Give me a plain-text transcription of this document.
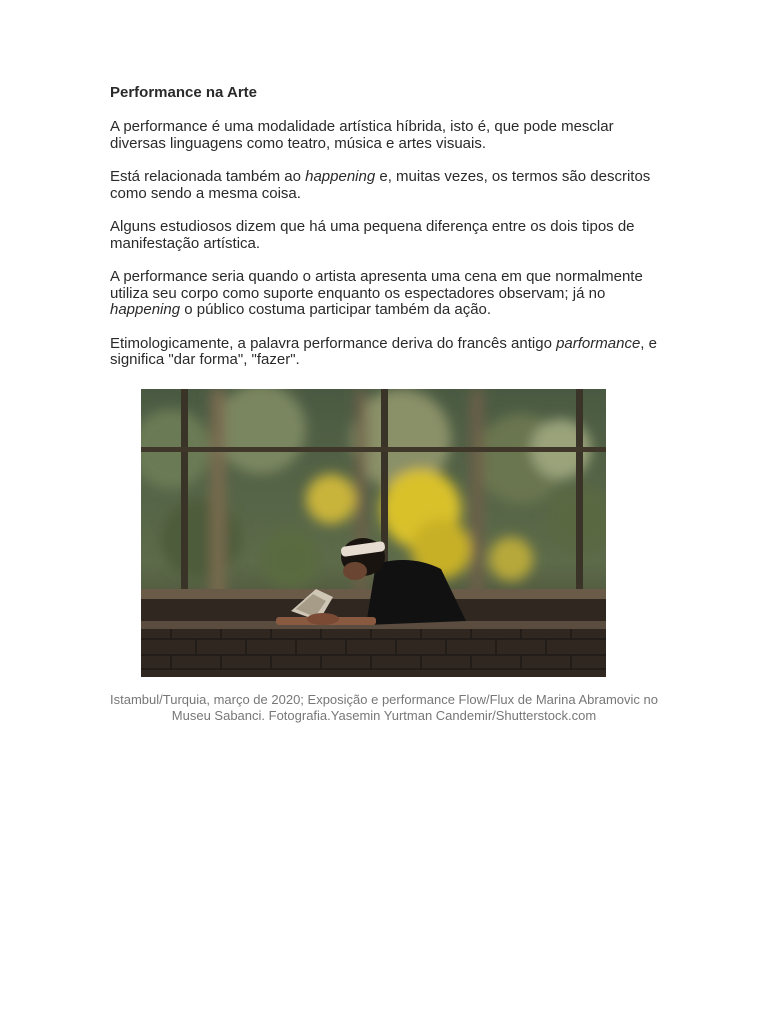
Performance na Arte

A performance é uma modalidade artística híbrida, isto é, que pode mesclar diversas linguagens como teatro, música e artes visuais.

Está relacionada também ao happening e, muitas vezes, os termos são descritos como sendo a mesma coisa.

Alguns estudiosos dizem que há uma pequena diferença entre os dois tipos de manifestação artística.

A performance seria quando o artista apresenta uma cena em que normalmente utiliza seu corpo como suporte enquanto os espectadores observam; já no happening o público costuma participar também da ação.

Etimologicamente, a palavra performance deriva do francês antigo parformance, e significa "dar forma", "fazer".

Istambul/Turquia, março de 2020; Exposição e performance Flow/Flux de Marina Abramovic no Museu Sabanci. Fotografia.Yasemin Yurtman Candemir/Shutterstock.com
